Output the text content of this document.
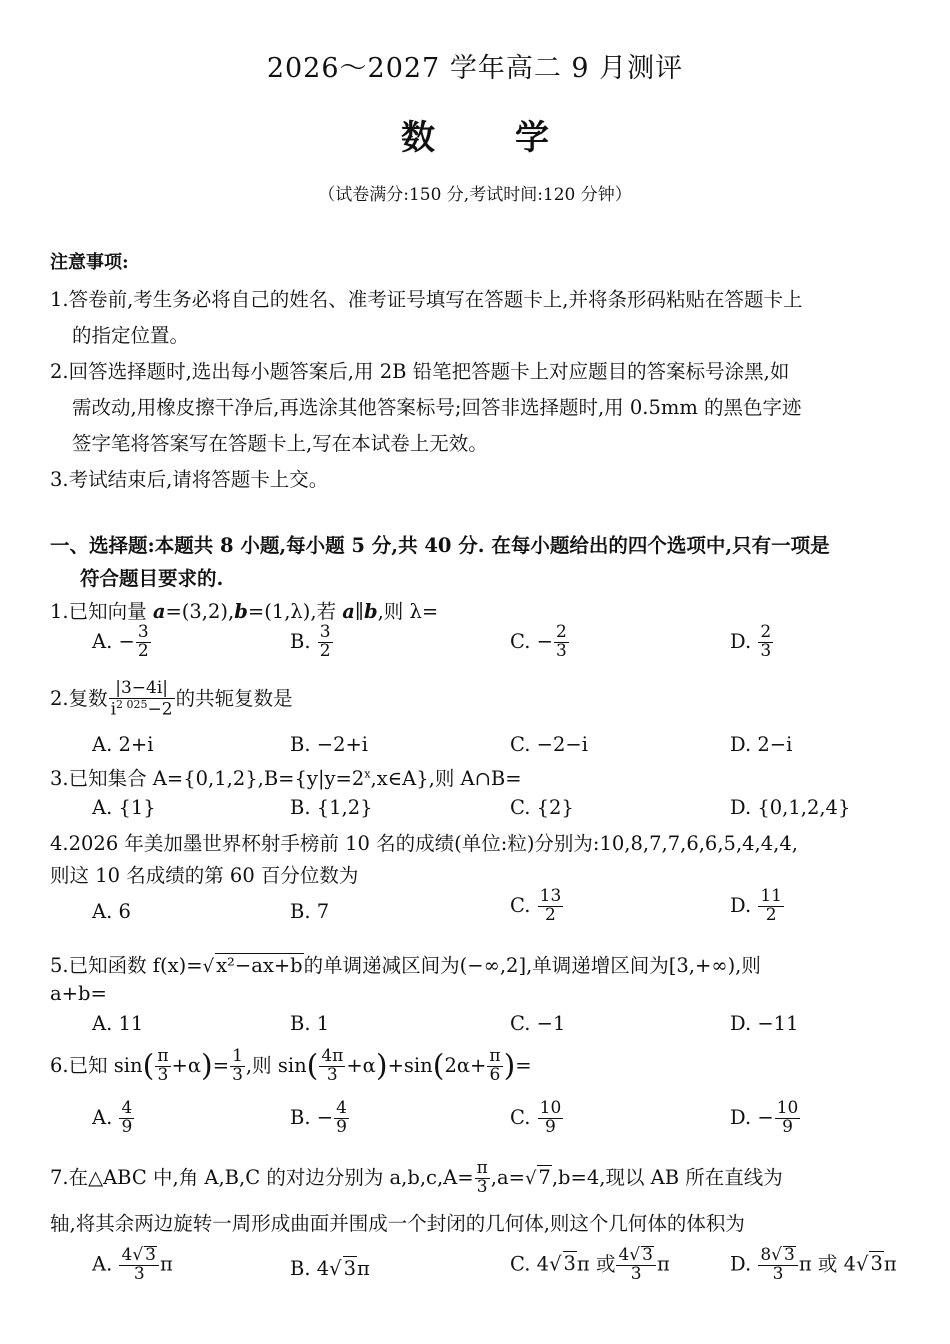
2026～2027 学年高二 9 月测评
数 学
（试卷满分:150 分,考试时间:120 分钟）
注意事项:
1.答卷前,考生务必将自己的姓名、准考证号填写在答题卡上,并将条形码粘贴在答题卡上
的指定位置。
2.回答选择题时,选出每小题答案后,用 2B 铅笔把答题卡上对应题目的答案标号涂黑,如
需改动,用橡皮擦干净后,再选涂其他答案标号;回答非选择题时,用 0.5mm 的黑色字迹
签字笔将答案写在答题卡上,写在本试卷上无效。
3.考试结束后,请将答题卡上交。
一、选择题:本题共 8 小题,每小题 5 分,共 40 分. 在每小题给出的四个选项中,只有一项是
符合题目要求的.
1.已知向量 a=(3,2),b=(1,λ),若 a∥b,则 λ=
A. − $\frac{3}{2}$	B. $\frac{3}{2}$	C. − $\frac{2}{3}$	D. $\frac{2}{3}$
2.复数 $\frac{|3-4i|}{i^{2 025}-2}$ 的共轭复数是
A. 2+i	B. −2+i	C. −2−i	D. 2−i
3.已知集合 $A=\{0,1,2\},B=\{y|y=2^x,x\in A\}$,则 A∩B=
A. {1}	B. {1,2}	C. {2}	D. {0,1,2,4}
4.2026 年美加墨世界杯射手榜前 10 名的成绩(单位:粒)分别为:10,8,7,7,6,6,5,4,4,4,
则这 10 名成绩的第 60 百分位数为
A. 6	B. 7	C. $\frac{13}{2}$	D. $\frac{11}{2}$
5.已知函数 f(x)=√ x²−ax+b的单调递减区间为(−∞,2],单调递增区间为[3,+∞),则
a+b=
A. 11	B. 1	C. −1	D. −11
6.已知 $\sin( \frac{\pi}{3} +\alpha)= \frac{1}{3}$ ,则 $\sin( \frac{4\pi}{3} +\alpha)+\sin(2\alpha+ \frac{\pi}{6}$ )=
A. $\frac{4}{9}$	B. − $\frac{4}{9}$	C. $\frac{10}{9}$	D. − $\frac{10}{9}$
7.在△ABC 中,角 A,B,C 的对边分别为 $a,b,c,A= \frac{\pi}{3} ,a=√$ 7,b=4,现以 AB 所在直线为
轴,将其余两边旋转一周形成曲面并围成一个封闭的几何体,则这个几何体的体积为
A. $\frac{4√ 3}{3}$ π	B. 4√ 3π	C. 4√ 3π 或 $\frac{4√ 3}{3}$ π	D. $\frac{8√ 3}{3}$ π 或 4√ 3π
